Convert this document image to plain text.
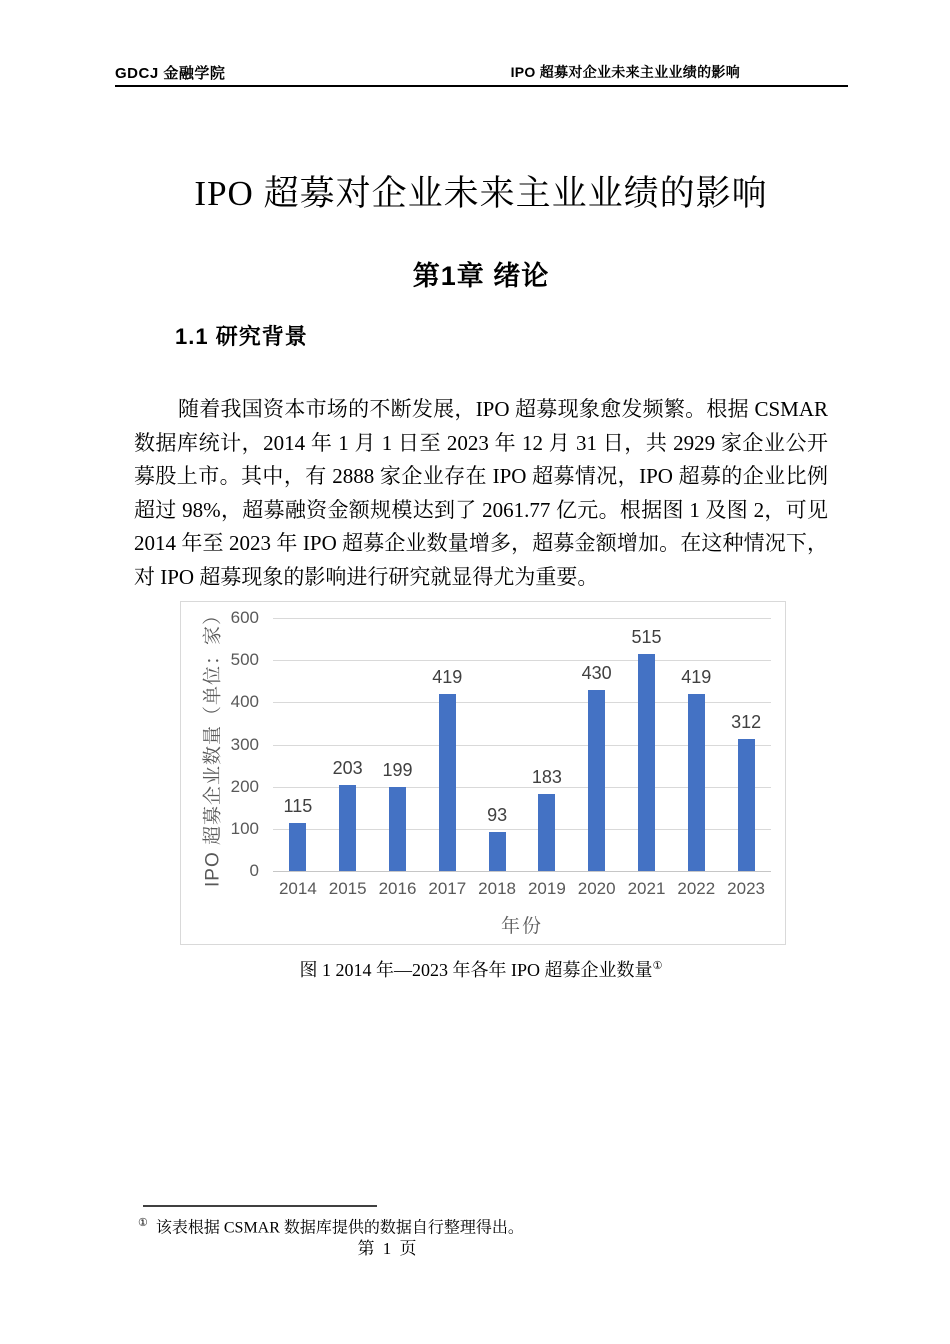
GDCJ 金融学院	IPO 超募对企业未来主业业绩的影响
IPO 超募对企业未来主业业绩的影响
第1章 绪论
1.1 研究背景
随着我国资本市场的不断发展，IPO 超募现象愈发频繁。根据 CSMAR 数据库统计，2014 年 1 月 1 日至 2023 年 12 月 31 日，共 2929 家企业公开募股上市。其中，有 2888 家企业存在 IPO 超募情况，IPO 超募的企业比例超过 98%，超募融资金额规模达到了 2061.77 亿元。根据图 1 及图 2，可见 2014 年至 2023 年 IPO 超募企业数量增多，超募金额增加。在这种情况下，对 IPO 超募现象的影响进行研究就显得尤为重要。
IPO 超募企业数量（单位：家）
年份
0
100
200
300
400
500
600
115
2014
203
2015
199
2016
419
2017
93
2018
183
2019
430
2020
515
2021
419
2022
312
2023
图 1 2014 年—2023 年各年 IPO 超募企业数量①
① 该表根据 CSMAR 数据库提供的数据自行整理得出。
第 1 页
